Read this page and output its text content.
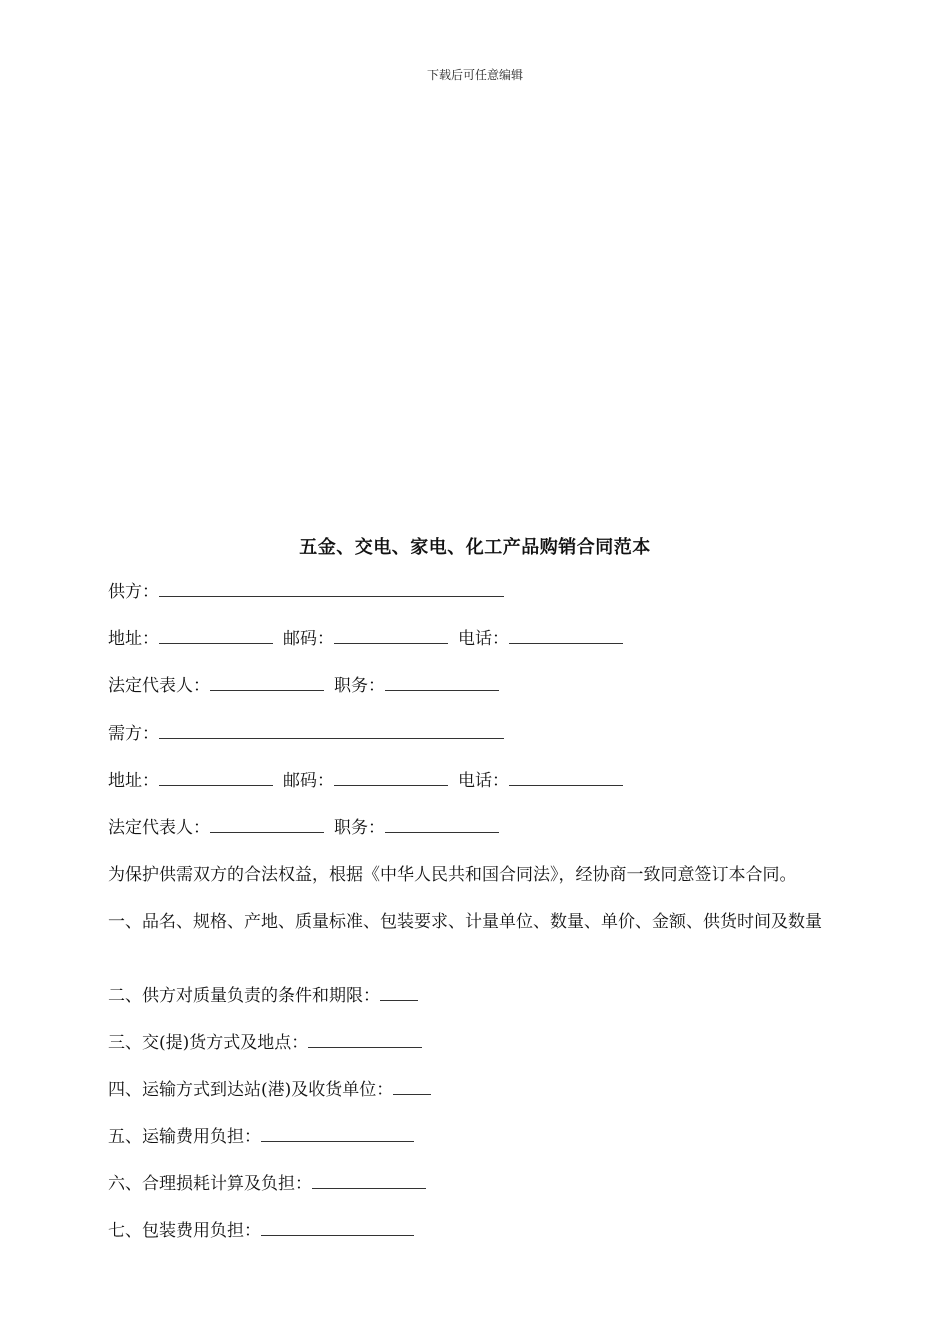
下载后可任意编辑
五金、交电、家电、化工产品购销合同范本
供方：
地址：	邮码：	电话：
法定代表人：	职务：
需方：
地址：	邮码：	电话：
法定代表人：	职务：
为保护供需双方的合法权益，根据《中华人民共和国合同法》，经协商一致同意签订本合同。
一、品名、规格、产地、质量标准、包装要求、计量单位、数量、单价、金额、供货时间及数量
二、供方对质量负责的条件和期限：
三、交(提)货方式及地点：
四、运输方式到达站(港)及收货单位：
五、运输费用负担：
六、合理损耗计算及负担：
七、包装费用负担：
